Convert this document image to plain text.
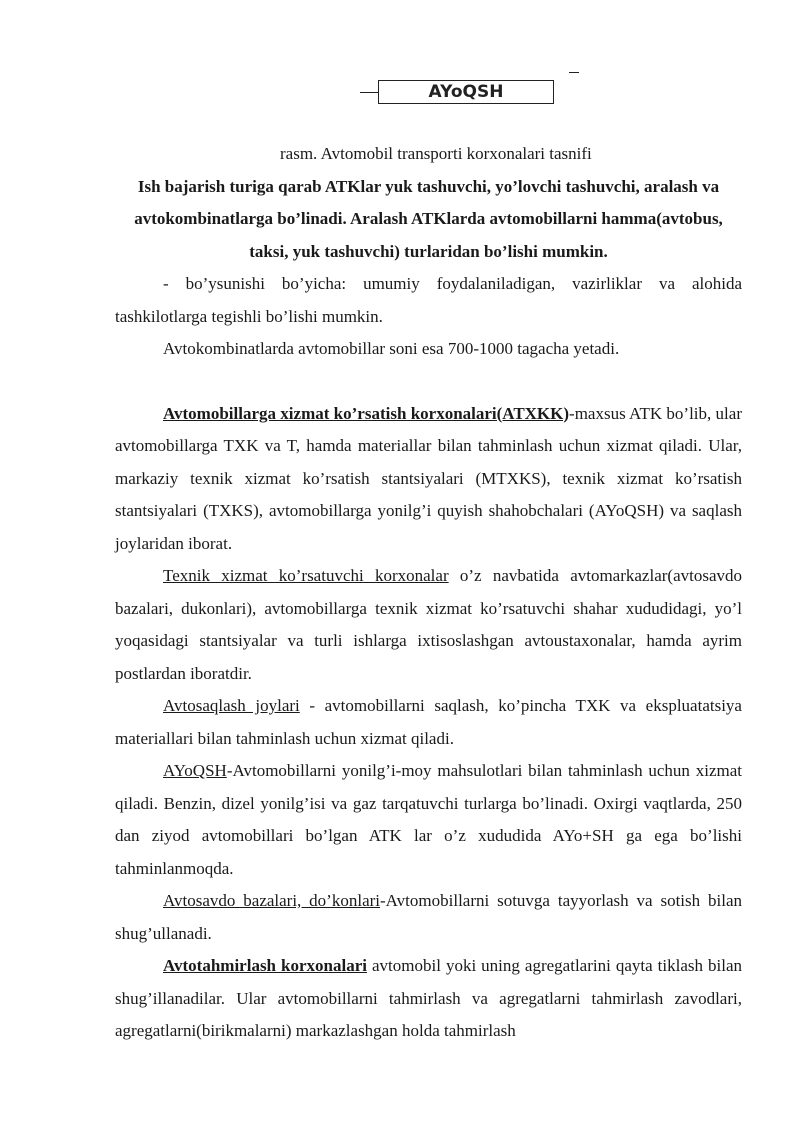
AYoQSH

rasm. Avtomobil transporti korxonalari tasnifi

Ish bajarish turiga qarab ATKlar yuk tashuvchi, yo’lovchi tashuvchi, aralash va avtokombinatlarga bo’linadi. Aralash ATKlarda avtomobillarni hamma(avtobus, taksi, yuk tashuvchi) turlaridan bo’lishi mumkin.

- bo’ysunishi bo’yicha: umumiy foydalaniladigan, vazirliklar va alohida tashkilotlarga tegishli bo’lishi mumkin.

Avtokombinatlarda avtomobillar soni esa 700-1000 tagacha yetadi.

Avtomobillarga xizmat ko’rsatish korxonalari(ATXKK)-maxsus ATK bo’lib, ular avtomobillarga TXK va T, hamda materiallar bilan tahminlash uchun xizmat qiladi. Ular, markaziy texnik xizmat ko’rsatish stantsiyalari (MTXKS), texnik xizmat ko’rsatish stantsiyalari (TXKS), avtomobillarga yonilg’i quyish shahobchalari (AYoQSH) va saqlash joylaridan iborat.

Texnik xizmat ko’rsatuvchi korxonalar o’z navbatida avtomarkazlar(avtosavdo bazalari, dukonlari), avtomobillarga texnik xizmat ko’rsatuvchi shahar xududidagi, yo’l yoqasidagi stantsiyalar va turli ishlarga ixtisoslashgan avtoustaxonalar, hamda ayrim postlardan iboratdir.

Avtosaqlash joylari - avtomobillarni saqlash, ko’pincha TXK va ekspluatatsiya materiallari bilan tahminlash uchun xizmat qiladi.

AYoQSH-Avtomobillarni yonilg’i-moy mahsulotlari bilan tahminlash uchun xizmat qiladi. Benzin, dizel yonilg’isi va gaz tarqatuvchi turlarga bo’linadi. Oxirgi vaqtlarda, 250 dan ziyod avtomobillari bo’lgan ATK lar o’z xududida AYo+SH ga ega bo’lishi tahminlanmoqda.

Avtosavdo bazalari, do’konlari-Avtomobillarni sotuvga tayyorlash va sotish bilan shug’ullanadi.

Avtotahmirlash korxonalari avtomobil yoki uning agregatlarini qayta tiklash bilan shug’illanadilar. Ular avtomobillarni tahmirlash va agregatlarni tahmirlash zavodlari, agregatlarni(birikmalarni) markazlashgan holda tahmirlash
